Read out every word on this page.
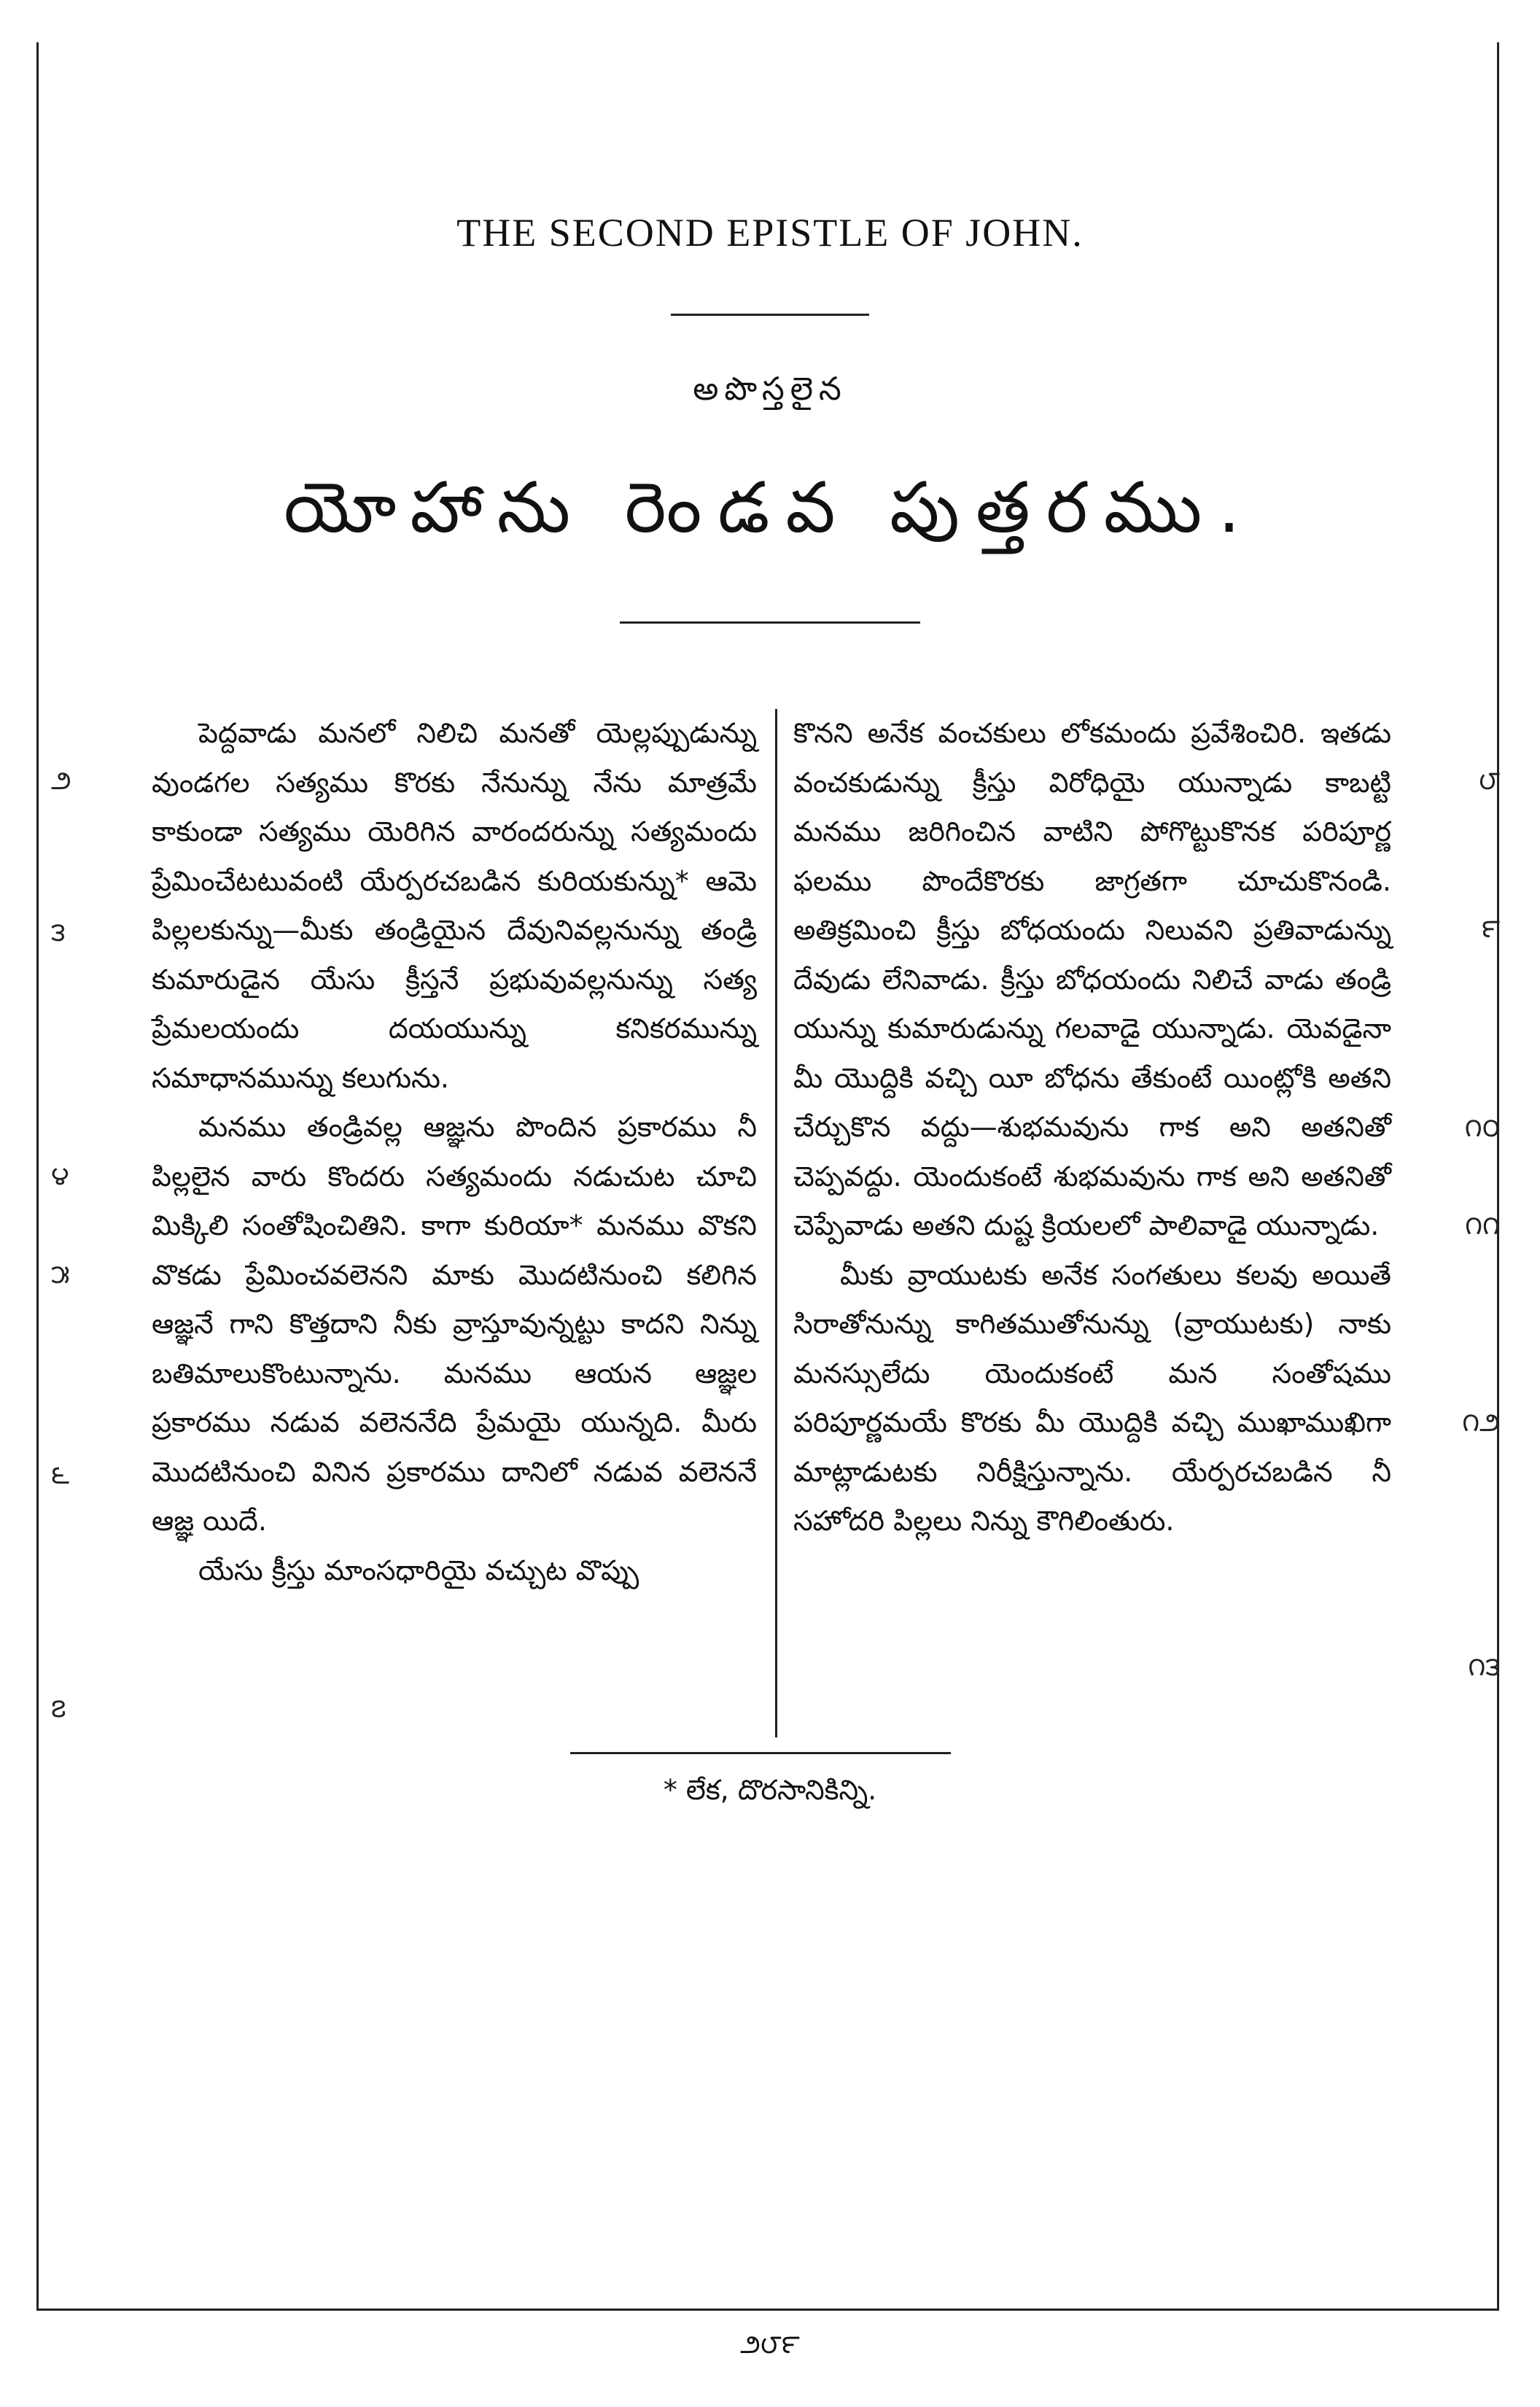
THE SECOND EPISTLE OF JOHN.
అపొస్తలైన
యోహాను రెండవ పుత్తరము.
౨
౩
౪
౫
౬
౭
౮
౯
౧౦
౧౧
౧౨
౧౩

పెద్దవాడు మనలో నిలిచి మనతో యెల్లప్పుడున్ను వుండగల సత్యము కొరకు నేనున్ను నేను మాత్రమే కాకుండా సత్యము యెరిగిన వారందరున్ను సత్యమందు ప్రేమించేటటువంటి యేర్పరచబడిన కురియకున్ను* ఆమె పిల్లలకున్ను—మీకు తండ్రియైన దేవునివల్లనున్ను తండ్రి కుమారుడైన యేసు క్రీస్తనే ప్రభువువల్లనున్ను సత్య ప్రేమలయందు దయయున్ను కనికరమున్ను సమాధానమున్ను కలుగును.

మనము తండ్రివల్ల ఆజ్ఞను పొందిన ప్రకారము నీ పిల్లలైన వారు కొందరు సత్యమందు నడుచుట చూచి మిక్కిలి సంతోషించితిని. కాగా కురియా* మనము వొకని వొకడు ప్రేమించవలెనని మాకు మొదటినుంచి కలిగిన ఆజ్ఞనే గాని కొత్తదాని నీకు వ్రాస్తూవున్నట్టు కాదని నిన్ను బతిమాలుకొంటున్నాను. మనము ఆయన ఆజ్ఞల ప్రకారము నడువ వలెననేది ప్రేమయై యున్నది. మీరు మొదటినుంచి వినిన ప్రకారము దానిలో నడువ వలెననే ఆజ్ఞ యిదే.

యేసు క్రీస్తు మాంసధారియై వచ్చుట వొప్పు

కొనని అనేక వంచకులు లోకమందు ప్రవేశించిరి. ఇతడు వంచకుడున్ను క్రీస్తు విరోధియై యున్నాడు కాబట్టి మనము జరిగించిన వాటిని పోగొట్టుకొనక పరిపూర్ణ ఫలము పొందేకొరకు జాగ్రతగా చూచుకొనండి. అతిక్రమించి క్రీస్తు బోధయందు నిలువని ప్రతివాడున్ను దేవుడు లేనివాడు. క్రీస్తు బోధయందు నిలిచే వాడు తండ్రి యున్ను కుమారుడున్ను గలవాడై యున్నాడు. యెవడైనా మీ యొద్దికి వచ్చి యీ బోధను తేకుంటే యింట్లోకి అతని చేర్చుకొన వద్దు—శుభమవును గాక అని అతనితో చెప్పవద్దు. యెందుకంటే శుభమవును గాక అని అతనితో చెప్పేవాడు అతని దుష్ట క్రియలలో పాలివాడై యున్నాడు.

మీకు వ్రాయుటకు అనేక సంగతులు కలవు అయితే సిరాతోనున్ను కాగితముతోనున్ను (వ్రాయుటకు) నాకు మనస్సులేదు యెందుకంటే మన సంతోషము పరిపూర్ణమయే కొరకు మీ యొద్దికి వచ్చి ముఖాముఖిగా మాట్లాడుటకు నిరీక్షిస్తున్నాను. యేర్పరచబడిన నీ సహోదరి పిల్లలు నిన్ను కౌగిలింతురు.

* లేక, దొరసానికిన్ని.
౨౮౯
